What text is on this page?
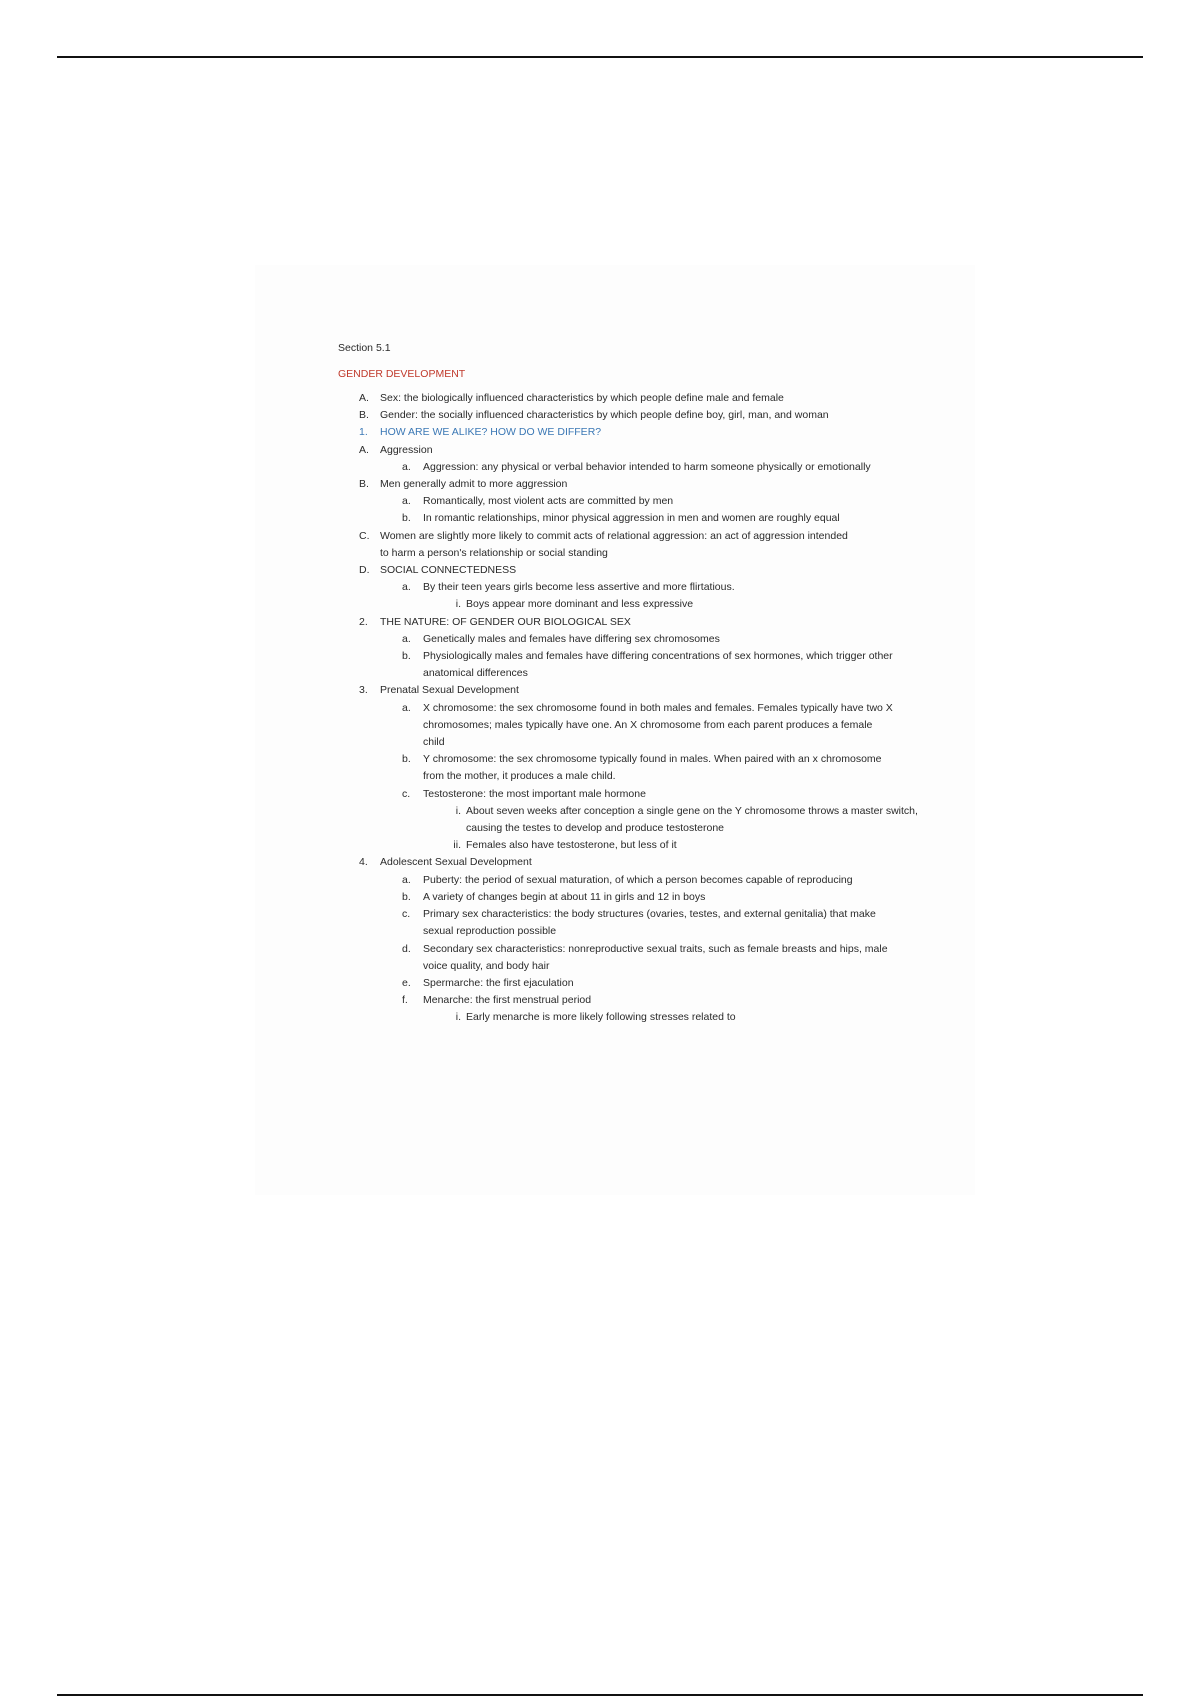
Section 5.1
GENDER DEVELOPMENT
A.	Sex: the biologically influenced characteristics by which people define male and female
B.	Gender: the socially influenced characteristics by which people define boy, girl, man, and woman
1.	HOW ARE WE ALIKE? HOW DO WE DIFFER?
A.	Aggression
a.	Aggression: any physical or verbal behavior intended to harm someone physically or emotionally
B.	Men generally admit to more aggression
a.	Romantically, most violent acts are committed by men
b.	In romantic relationships, minor physical aggression in men and women are roughly equal
C.	Women are slightly more likely to commit acts of relational aggression: an act of aggression intended to harm a person's relationship or social standing
D.	SOCIAL CONNECTEDNESS
a.	By their teen years girls become less assertive and more flirtatious.
i. Boys appear more dominant and less expressive
2.	THE NATURE: OF GENDER OUR BIOLOGICAL SEX
a.	Genetically males and females have differing sex chromosomes
b.	Physiologically males and females have differing concentrations of sex hormones, which trigger other anatomical differences
3.	Prenatal Sexual Development
a.	X chromosome: the sex chromosome found in both males and females. Females typically have two X chromosomes; males typically have one. An X chromosome from each parent produces a female child
b.	Y chromosome: the sex chromosome typically found in males. When paired with an x chromosome from the mother, it produces a male child.
c.	Testosterone: the most important male hormone
i. About seven weeks after conception a single gene on the Y chromosome throws a master switch, causing the testes to develop and produce testosterone
ii. Females also have testosterone, but less of it
4.	Adolescent Sexual Development
a.	Puberty: the period of sexual maturation, of which a person becomes capable of reproducing
b.	A variety of changes begin at about 11 in girls and 12 in boys
c.	Primary sex characteristics: the body structures (ovaries, testes, and external genitalia) that make sexual reproduction possible
d.	Secondary sex characteristics: nonreproductive sexual traits, such as female breasts and hips, male voice quality, and body hair
e.	Spermarche: the first ejaculation
f.	Menarche: the first menstrual period
i. Early menarche is more likely following stresses related to
